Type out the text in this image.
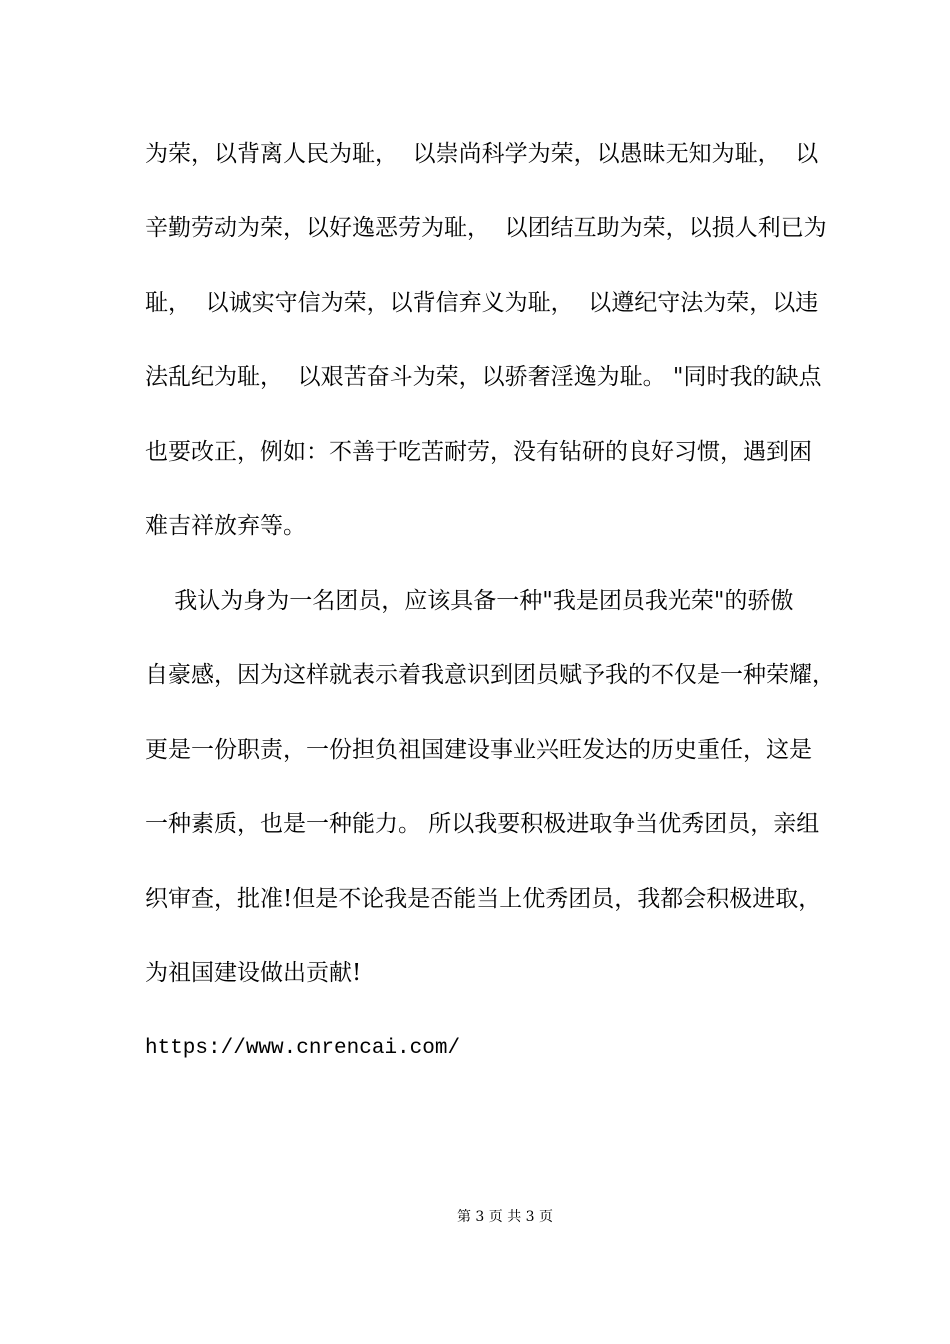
为荣，以背离人民为耻，  以崇尚科学为荣，以愚昧无知为耻，  以
辛勤劳动为荣，以好逸恶劳为耻，  以团结互助为荣，以损人利已为
耻，  以诚实守信为荣，以背信弃义为耻，  以遵纪守法为荣，以违
法乱纪为耻，  以艰苦奋斗为荣，以骄奢淫逸为耻。 "同时我的缺点
也要改正，例如：不善于吃苦耐劳，没有钻研的良好习惯，遇到困
难吉祥放弃等。
我认为身为一名团员，应该具备一种"我是团员我光荣"的骄傲
自豪感，因为这样就表示着我意识到团员赋予我的不仅是一种荣耀，
更是一份职责，一份担负祖国建设事业兴旺发达的历史重任，这是
一种素质，也是一种能力。 所以我要积极进取争当优秀团员，亲组
织审查，批准!但是不论我是否能当上优秀团员，我都会积极进取，
为祖国建设做出贡献!
https://www.cnrencai.com/
第 3 页 共 3 页
